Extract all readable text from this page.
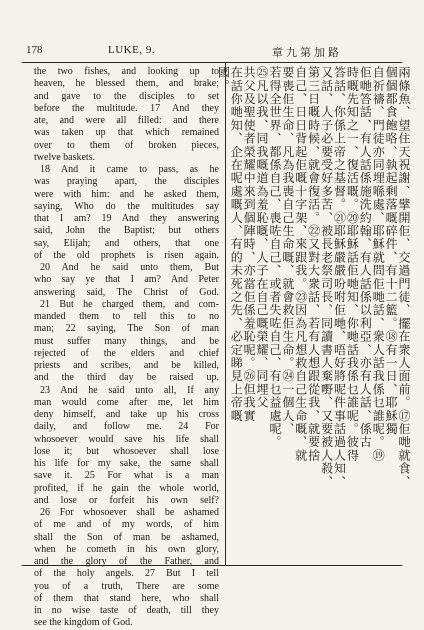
178	LUKE, 9.	章九第加路

the two fishes, and looking up to

heaven, he blessed them, and brake;

and gave to the disciples to set

before the multitude. 17 And they

ate, and were all filled: and there

was taken up that which remained

over to them of broken pieces,

twelve baskets.

18 And it came to pass, as he

was praying apart, the disciples

were with him: and he asked them,

saying, Who do the multitudes say

that I am? 19 And they answering

said, John the Baptist; but others

say, Elijah; and others, that one

of the old prophets is risen again.

20 And he said unto them, But

who say ye that I am? And Peter

answering said, The Christ of God.

21 But he charged them, and com-

manded them to tell this to no

man; 22 saying, The Son of man

must suffer many things, and be

rejected of the elders and chief

priests and scribes, and be killed,

and the third day be raised up.

23 And he said unto all, If any

man would come after me, let him

deny himself, and take up his cross

daily, and follow me. 24 For

whosoever would save his life shall

lose it; but whosoever shall lose

his life for my sake, the same shall

save it. 25 For what is a man

profited, if he gain the whole world,

and lose or forfeit his own self?

26 For whosoever shall be ashamed

of me and of my words, of him

shall the Son of man be ashamed,

when he cometh in his own glory,

and the glory of the Father, and

of the holy angels. 27 But I tell

you of a truth, There are some

of them that stand here, who shall

in no wise taste of death, till they

see the kingdom of God.

兩條魚、望住天祝謝、擘開佢、交過門徒、擺在衆人面前。⑰佢哋就食、
個個都食飽咯、執起剩落嘅碎件、有十二籃。⑱有一日、耶穌獨
自祈禱、門徒亦同埋喺處、耶穌就問佢哋話、衆人話我係乜誰呢。⑲
佢哋答話、有人話係施洗約翰、有人話係以利亞、亦有人話、係古
時嘅先知之一、復活嘅。⑳耶穌話佢哋知、你哋話我係乜誰呢。彼得
答話、你係上帝之基督。㉑耶穌嚴嚴吩咐佢哋、唔好將呢件事話過人知、
又話、人子必要受好多苦、被長老祭司長、同讀書人棄嘢、又要被人殺、
第三日嘅時候、就會復活。㉒又對大衆話、若有人想跟從我、就要捨
自己、日日背起佢嘅十字架、來跟我。㉓因為凡想救自己生命嘅、就
要喪佢生命、凡為我喪自己生命嘅、就會救佢生命。㉔一個人、
若得全世界、都係自己、喪咗自己、或者失咗自己、有乜益處呢。
㉕凡以我、同我嘅道為羞恥嘅、人子在自己嘅榮耀、同埋父
共父及聖使者榮耀中來到個陣時、亦當佢係羞恥呢。㉖但我實
在話你哋知、企在呢處嘅人、有的未死之先、必定睇見上帝嘅
國。
